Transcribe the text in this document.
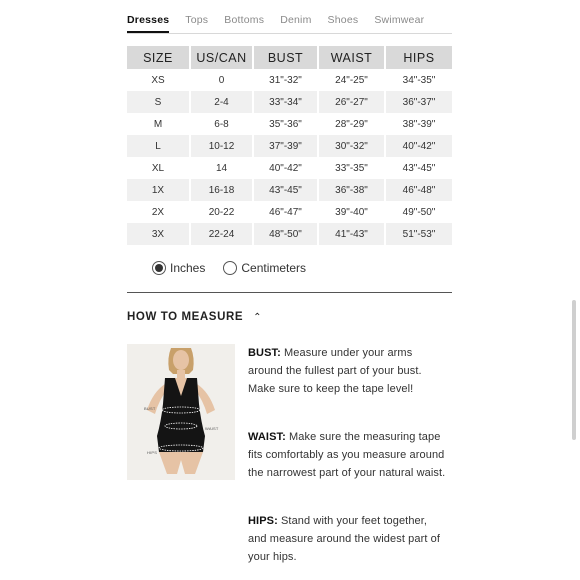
Dresses Tops Bottoms Denim Shoes Swimwear
SIZE	US/CAN	BUST	WAIST	HIPS
XS	0	31"-32"	24"-25"	34"-35"
S	2-4	33"-34"	26"-27"	36"-37"
M	6-8	35"-36"	28"-29"	38"-39"
L	10-12	37"-39"	30"-32"	40"-42"
XL	14	40"-42"	33"-35"	43"-45"
1X	16-18	43"-45"	36"-38"	46"-48"
2X	20-22	46"-47"	39"-40"	49"-50"
3X	22-24	48"-50"	41"-43"	51"-53"
Inches	Centimeters
HOW TO MEASURE ⌃
BUST
WAIST
HIPS
BUST: Measure under your arms around the fullest part of your bust. Make sure to keep the tape level!
WAIST: Make sure the measuring tape fits comfortably as you measure around the narrowest part of your natural waist.
HIPS: Stand with your feet together, and measure around the widest part of your hips.
